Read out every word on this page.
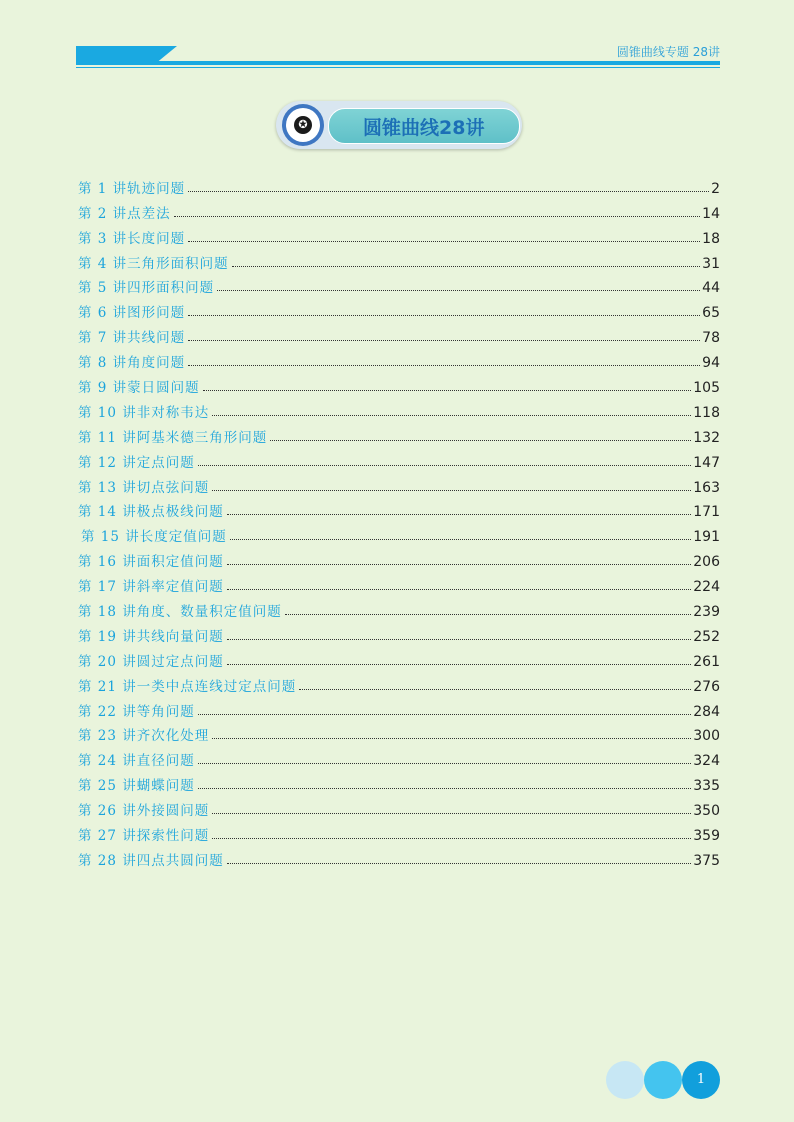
圆锥曲线专题 28讲
圆锥曲线28讲
✪
第 1 讲轨迹问题	2
第 2 讲点差法	14
第 3 讲长度问题	18
第 4 讲三角形面积问题	31
第 5 讲四形面积问题	44
第 6 讲图形问题	65
第 7 讲共线问题	78
第 8 讲角度问题	94
第 9 讲蒙日圆问题	105
第 10 讲非对称韦达	118
第 11 讲阿基米德三角形问题	132
第 12 讲定点问题	147
第 13 讲切点弦问题	163
第 14 讲极点极线问题	171
第 15 讲长度定值问题	191
第 16 讲面积定值问题	206
第 17 讲斜率定值问题	224
第 18 讲角度、数量积定值问题	239
第 19 讲共线向量问题	252
第 20 讲圆过定点问题	261
第 21 讲一类中点连线过定点问题	276
第 22 讲等角问题	284
第 23 讲齐次化处理	300
第 24 讲直径问题	324
第 25 讲蝴蝶问题	335
第 26 讲外接圆问题	350
第 27 讲探索性问题	359
第 28 讲四点共圆问题	375
1
